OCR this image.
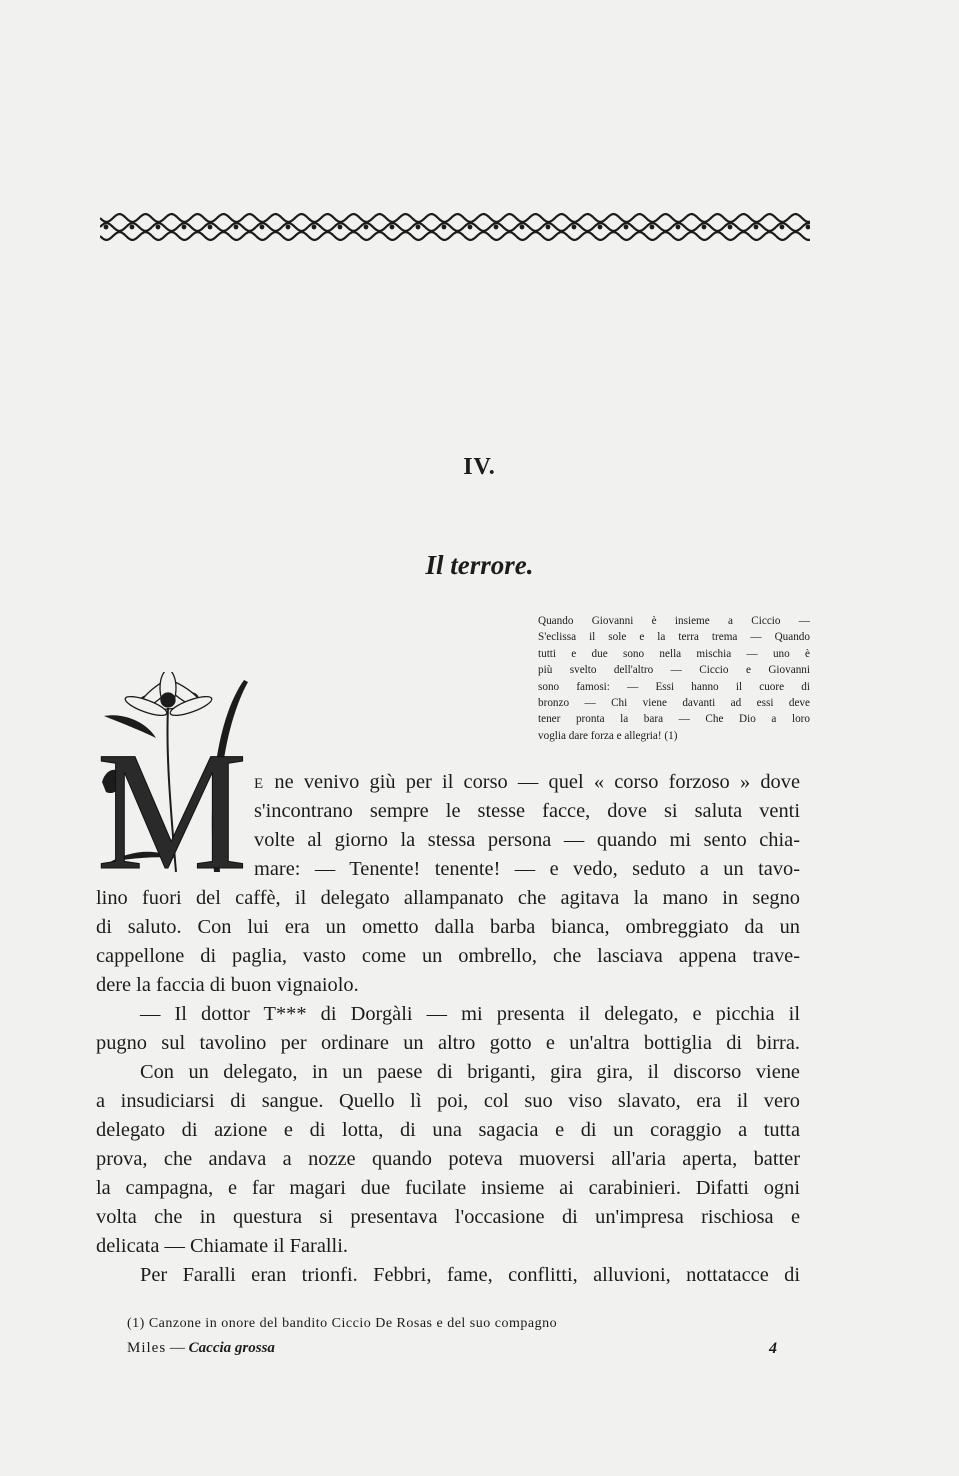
IV.
Il terrore.
Quando Giovanni è insieme a Ciccio —
S'eclissa il sole e la terra trema — Quando
tutti e due sono nella mischia — uno è
più svelto dell'altro — Ciccio e Giovanni
sono famosi: — Essi hanno il cuore di
bronzo — Chi viene davanti ad essi deve
tener pronta la bara — Che Dio a loro
voglia dare forza e allegria! (1)
M E ne venivo giù per il corso — quel « corso forzoso » dove
s'incontrano sempre le stesse facce, dove si saluta venti
volte al giorno la stessa persona — quando mi sento chia-
mare: — Tenente! tenente! — e vedo, seduto a un tavo-
lino fuori del caffè, il delegato allampanato che agitava la mano in segno
di saluto. Con lui era un ometto dalla barba bianca, ombreggiato da un
cappellone di paglia, vasto come un ombrello, che lasciava appena trave-
dere la faccia di buon vignaiolo.
— Il dottor T*** di Dorgàli — mi presenta il delegato, e picchia il
pugno sul tavolino per ordinare un altro gotto e un'altra bottiglia di birra.
Con un delegato, in un paese di briganti, gira gira, il discorso viene
a insudiciarsi di sangue. Quello lì poi, col suo viso slavato, era il vero
delegato di azione e di lotta, di una sagacia e di un coraggio a tutta
prova, che andava a nozze quando poteva muoversi all'aria aperta, batter
la campagna, e far magari due fucilate insieme ai carabinieri. Difatti ogni
volta che in questura si presentava l'occasione di un'impresa rischiosa e
delicata — Chiamate il Faralli.
Per Faralli eran trionfi. Febbri, fame, conflitti, alluvioni, nottatacce di
(1) Canzone in onore del bandito Ciccio De Rosas e del suo compagno
Miles — Caccia grossa	4
